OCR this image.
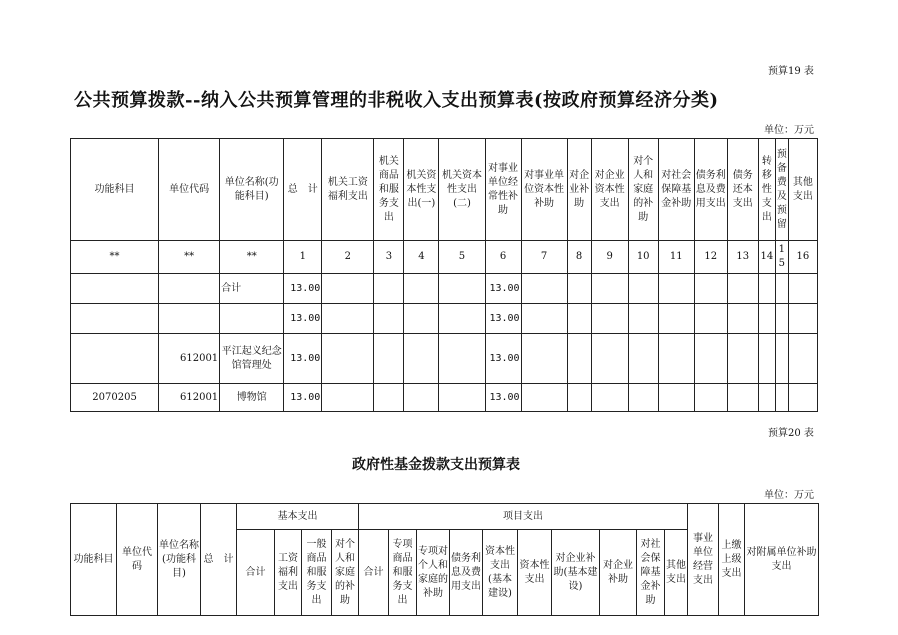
预算19 表
公共预算拨款--纳入公共预算管理的非税收入支出预算表(按政府预算经济分类)
单位：万元
功能科目	单位代码	单位名称(功能科目)	总　计	机关工资福利支出	机关商品和服务支出	机关资本性支出(一)	机关资本性支出(二)	对事业单位经常性补助	对事业单位资本性补助	对企业补助	对企业资本性支出	对个人和家庭的补助	对社会保障基金补助	债务利息及费用支出	债务还本支出	转移性支出	预备费及预留	其他支出
**	**	**	1	2	3	4	5	6	7	8	9	10	11	12	13	14	15	16
		合计	13.00					13.00										
			13.00					13.00										
	612001	平江起义纪念馆管理处	13.00					13.00										
2070205	612001	博物馆	13.00					13.00										
预算20 表
政府性基金拨款支出预算表
单位：万元
功能科目	单位代码	单位名称(功能科目)	总　计	基本支出				项目支出										事业单位经营支出	上缴上级支出	对附属单位补助支出
				合计	工资福利支出	一般商品和服务支出	对个人和家庭的补助	合计	专项商品和服务支出	专项对个人和家庭的补助	债务利息及费用支出	资本性支出(基本建设)	资本性支出	对企业补助(基本建设)	对企业补助	对社会保障基金补助	其他支出			
